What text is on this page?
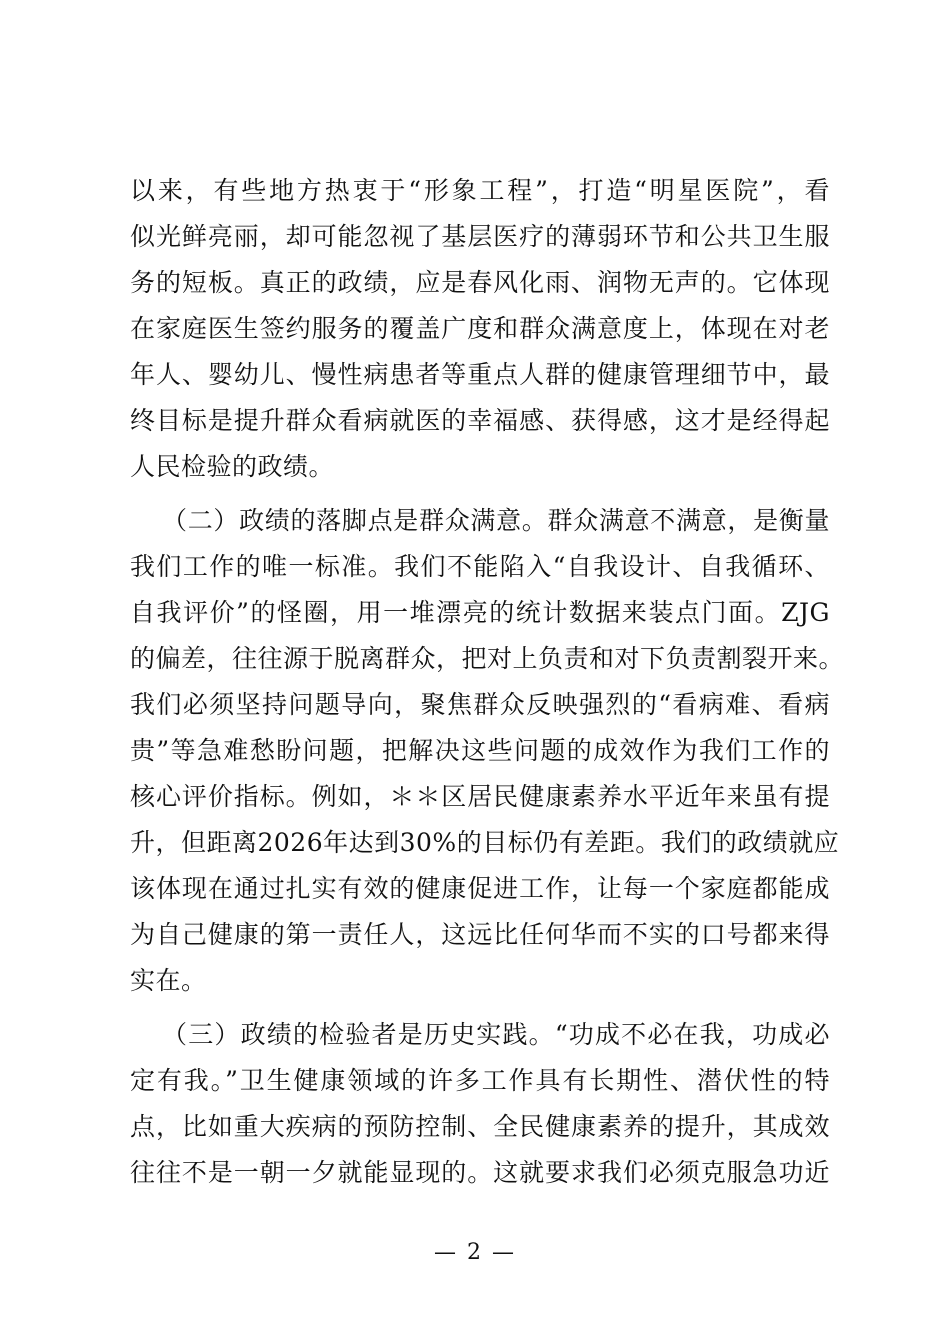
以来，有些地方热衷于“形象工程”，打造“明星医院”，看
似光鲜亮丽，却可能忽视了基层医疗的薄弱环节和公共卫生服
务的短板。真正的政绩，应是春风化雨、润物无声的。它体现
在家庭医生签约服务的覆盖广度和群众满意度上，体现在对老
年人、婴幼儿、慢性病患者等重点人群的健康管理细节中，最
终目标是提升群众看病就医的幸福感、获得感，这才是经得起
人民检验的政绩。
（二）政绩的落脚点是群众满意。群众满意不满意，是衡量
我们工作的唯一标准。我们不能陷入“自我设计、自我循环、
自我评价”的怪圈，用一堆漂亮的统计数据来装点门面。ZJG
的偏差，往往源于脱离群众，把对上负责和对下负责割裂开来。
我们必须坚持问题导向，聚焦群众反映强烈的“看病难、看病
贵”等急难愁盼问题，把解决这些问题的成效作为我们工作的
核心评价指标。例如，＊＊区居民健康素养水平近年来虽有提
升，但距离2026年达到30%的目标仍有差距。我们的政绩就应
该体现在通过扎实有效的健康促进工作，让每一个家庭都能成
为自己健康的第一责任人，这远比任何华而不实的口号都来得
实在。
（三）政绩的检验者是历史实践。“功成不必在我，功成必
定有我。”卫生健康领域的许多工作具有长期性、潜伏性的特
点，比如重大疾病的预防控制、全民健康素养的提升，其成效
往往不是一朝一夕就能显现的。这就要求我们必须克服急功近
— 2 —
